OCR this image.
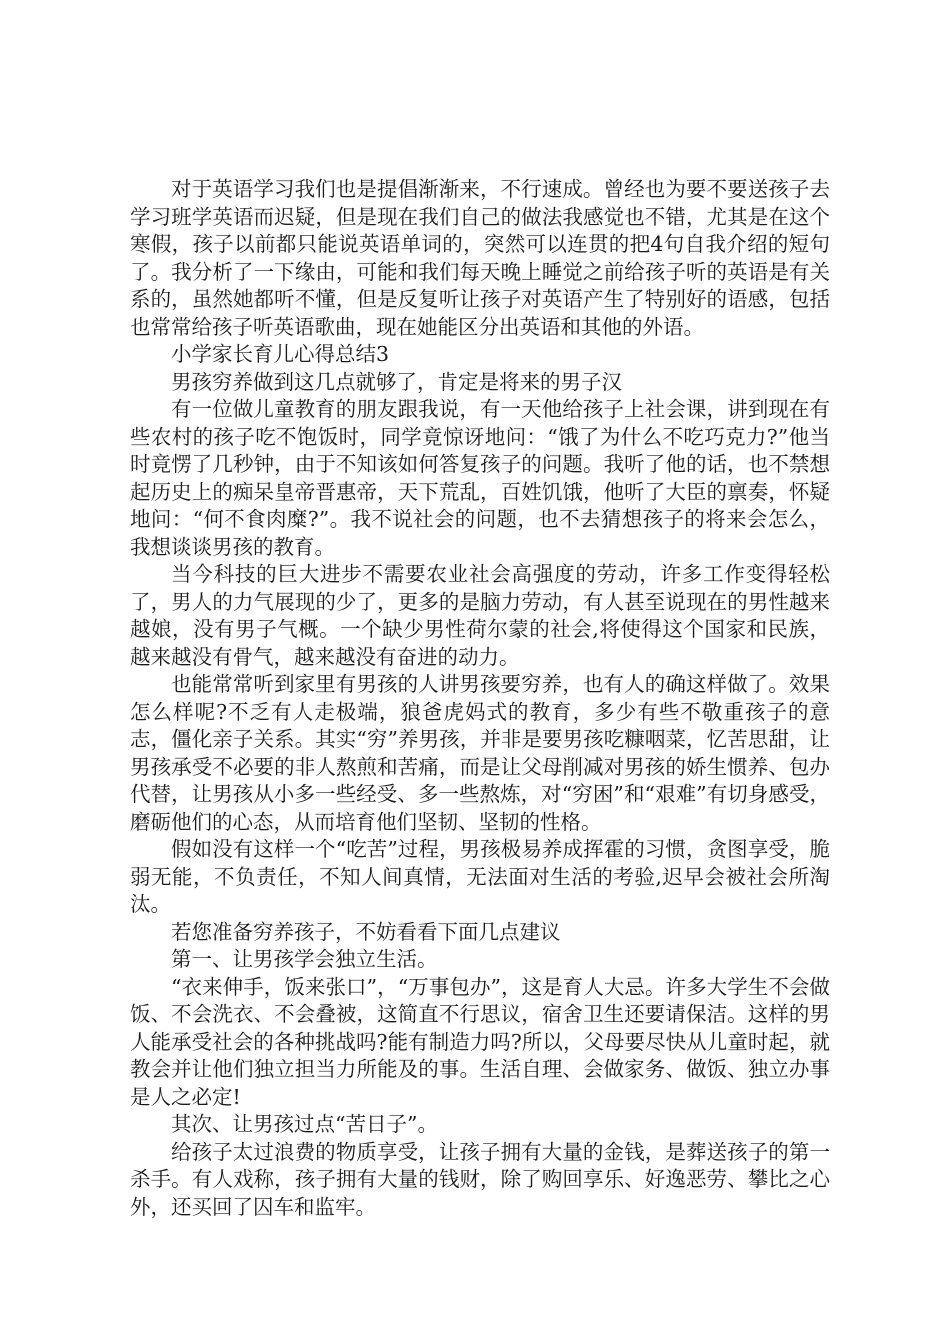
对于英语学习我们也是提倡渐渐来，不行速成。曾经也为要不要送孩子去学习班学英语而迟疑，但是现在我们自己的做法我感觉也不错，尤其是在这个寒假，孩子以前都只能说英语单词的，突然可以连贯的把4句自我介绍的短句了。我分析了一下缘由，可能和我们每天晚上睡觉之前给孩子听的英语是有关系的，虽然她都听不懂，但是反复听让孩子对英语产生了特别好的语感，包括也常常给孩子听英语歌曲，现在她能区分出英语和其他的外语。

小学家长育儿心得总结3

男孩穷养做到这几点就够了，肯定是将来的男子汉

有一位做儿童教育的朋友跟我说，有一天他给孩子上社会课，讲到现在有些农村的孩子吃不饱饭时，同学竟惊讶地问：“饿了为什么不吃巧克力?”他当时竟愣了几秒钟，由于不知该如何答复孩子的问题。我听了他的话，也不禁想起历史上的痴呆皇帝晋惠帝，天下荒乱，百姓饥饿，他听了大臣的禀奏，怀疑地问：“何不食肉糜?”。我不说社会的问题，也不去猜想孩子的将来会怎么，我想谈谈男孩的教育。

当今科技的巨大进步不需要农业社会高强度的劳动，许多工作变得轻松了，男人的力气展现的少了，更多的是脑力劳动，有人甚至说现在的男性越来越娘，没有男子气概。一个缺少男性荷尔蒙的社会,将使得这个国家和民族，越来越没有骨气，越来越没有奋进的动力。

也能常常听到家里有男孩的人讲男孩要穷养，也有人的确这样做了。效果怎么样呢?不乏有人走极端，狼爸虎妈式的教育，多少有些不敬重孩子的意志，僵化亲子关系。其实“穷”养男孩，并非是要男孩吃糠咽菜，忆苦思甜，让男孩承受不必要的非人熬煎和苦痛，而是让父母削减对男孩的娇生惯养、包办代替，让男孩从小多一些经受、多一些熬炼，对“穷困”和“艰难”有切身感受，磨砺他们的心态，从而培育他们坚韧、坚韧的性格。

假如没有这样一个“吃苦”过程，男孩极易养成挥霍的习惯，贪图享受，脆弱无能，不负责任，不知人间真情，无法面对生活的考验,迟早会被社会所淘汰。

若您准备穷养孩子，不妨看看下面几点建议

第一、让男孩学会独立生活。

“衣来伸手，饭来张口”，“万事包办”，这是育人大忌。许多大学生不会做饭、不会洗衣、不会叠被，这简直不行思议，宿舍卫生还要请保洁。这样的男人能承受社会的各种挑战吗?能有制造力吗?所以，父母要尽快从儿童时起，就教会并让他们独立担当力所能及的事。生活自理、会做家务、做饭、独立办事是人之必定!

其次、让男孩过点“苦日子”。

给孩子太过浪费的物质享受，让孩子拥有大量的金钱，是葬送孩子的第一杀手。有人戏称，孩子拥有大量的钱财，除了购回享乐、好逸恶劳、攀比之心外，还买回了囚车和监牢。
